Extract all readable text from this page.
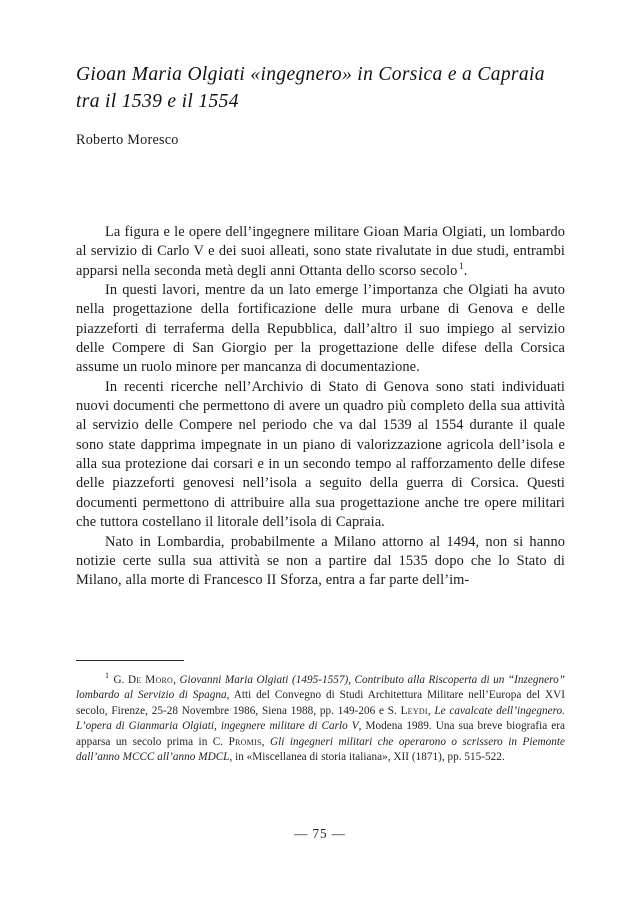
Gioan Maria Olgiati «ingegnero» in Corsica e a Capraia tra il 1539 e il 1554
Roberto Moresco

La figura e le opere dell’ingegnere militare Gioan Maria Olgiati, un lombardo al servizio di Carlo V e dei suoi alleati, sono state rivalutate in due studi, entrambi apparsi nella seconda metà degli anni Ottanta dello scorso secolo $^1$.

In questi lavori, mentre da un lato emerge l’importanza che Olgiati ha avuto nella progettazione della fortificazione delle mura urbane di Genova e delle piazzeforti di terraferma della Repubblica, dall’altro il suo impiego al servizio delle Compere di San Giorgio per la progettazione delle difese della Corsica assume un ruolo minore per mancanza di documentazione.

In recenti ricerche nell’Archivio di Stato di Genova sono stati individuati nuovi documenti che permettono di avere un quadro più completo della sua attività al servizio delle Compere nel periodo che va dal 1539 al 1554 durante il quale sono state dapprima impegnate in un piano di valorizzazione agricola dell’isola e alla sua protezione dai corsari e in un secondo tempo al rafforzamento delle difese delle piazzeforti genovesi nell’isola a seguito della guerra di Corsica. Questi documenti permettono di attribuire alla sua progettazione anche tre opere militari che tuttora costellano il litorale dell’isola di Capraia.

Nato in Lombardia, probabilmente a Milano attorno al 1494, non si hanno notizie certe sulla sua attività se non a partire dal 1535 dopo che lo Stato di Milano, alla morte di Francesco II Sforza, entra a far parte dell’im-

$^1$ G. De Moro, Giovanni Maria Olgiati (1495-1557), Contributo alla Riscoperta di un “Inzegnero” lombardo al Servizio di Spagna, Atti del Convegno di Studi Architettura Militare nell’Europa del XVI secolo, Firenze, 25-28 Novembre 1986, Siena 1988, pp. 149-206 e S. Leydi, Le cavalcate dell’ingegnero. L’opera di Gianmaria Olgiati, ingegnere militare di Carlo V, Modena 1989. Una sua breve biografia era apparsa un secolo prima in C. Promis, Gli ingegneri militari che operarono o scrissero in Piemonte dall’anno MCCC all’anno MDCL, in «Miscellanea di storia italiana», XII (1871), pp. 515-522.

— 75 —
